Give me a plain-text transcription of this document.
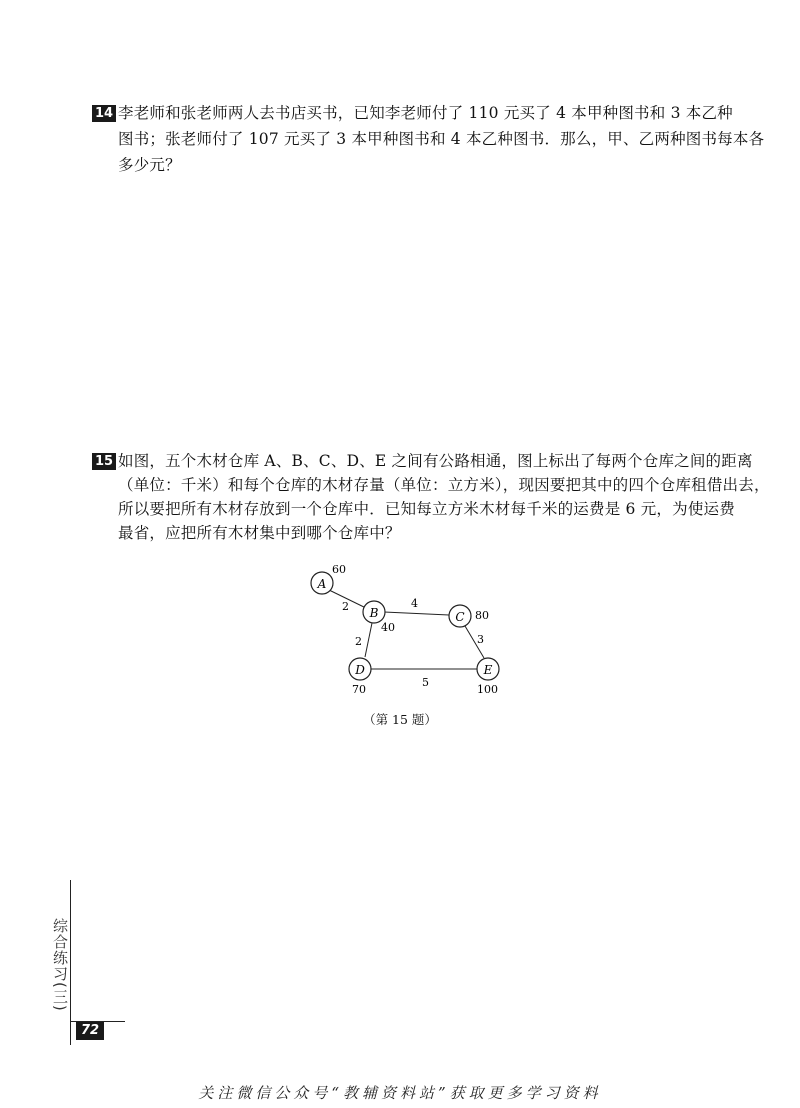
14 李老师和张老师两人去书店买书，已知李老师付了 110 元买了 4 本甲种图书和 3 本乙种
图书；张老师付了 107 元买了 3 本甲种图书和 4 本乙种图书．那么，甲、乙两种图书每本各
多少元？
15 如图，五个木材仓库 A、B、C、D、E 之间有公路相通，图上标出了每两个仓库之间的距离
（单位：千米）和每个仓库的木材存量（单位：立方米），现因要把其中的四个仓库租借出去，
所以要把所有木材存放到一个仓库中．已知每立方米木材每千米的运费是 6 元，为使运费
最省，应把所有木材集中到哪个仓库中？
A
B	C
D	E
60
40
80
70	100
2	4
2	3
5
（第 15 题）
综合练习(三)
72
关注微信公众号“教辅资料站”获取更多学习资料
